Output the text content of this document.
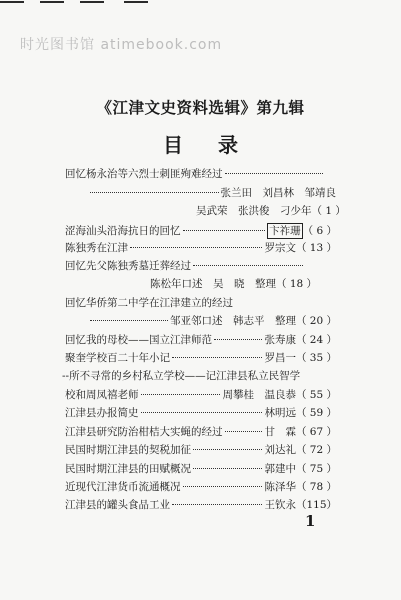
时光图书馆 atimebook.com
《江津文史资料选辑》第九辑
目 录
回忆杨永治等六烈士刺匪殉难经过
张兰田　刘昌林　邹靖良
吴武荣　张洪俊　刁少年（ 1 ）
涩海汕头沿海抗日的回忆	卞祚珊 （ 6 ）
陈独秀在江津	罗宗文（ 13 ）
回忆先父陈独秀墓迁葬经过
陈松年口述　吴　晓　整理（ 18 ）
回忆华侨第二中学在江津建立的经过
邹亚邻口述　韩志平　整理（ 20 ）
回忆我的母校——国立江津师范	张寿康（ 24 ）
聚奎学校百二十年小记	罗昌一（ 35 ）
--所不寻常的乡村私立学校——记江津县私立民智学
校和周凤禧老师	周攀桂　温良恭（ 55 ）
江津县办报简史	林明远（ 59 ）
江津县研究防治柑桔大实蝇的经过	甘　霖（ 67 ）
民国时期江津县的契税加征	刘达礼（ 72 ）
民国时期江津县的田赋概况	郭建中（ 75 ）
近现代江津货币流通概况	陈泽华（ 78 ）
江津县的罐头食品工业	王钦永（115）
1
